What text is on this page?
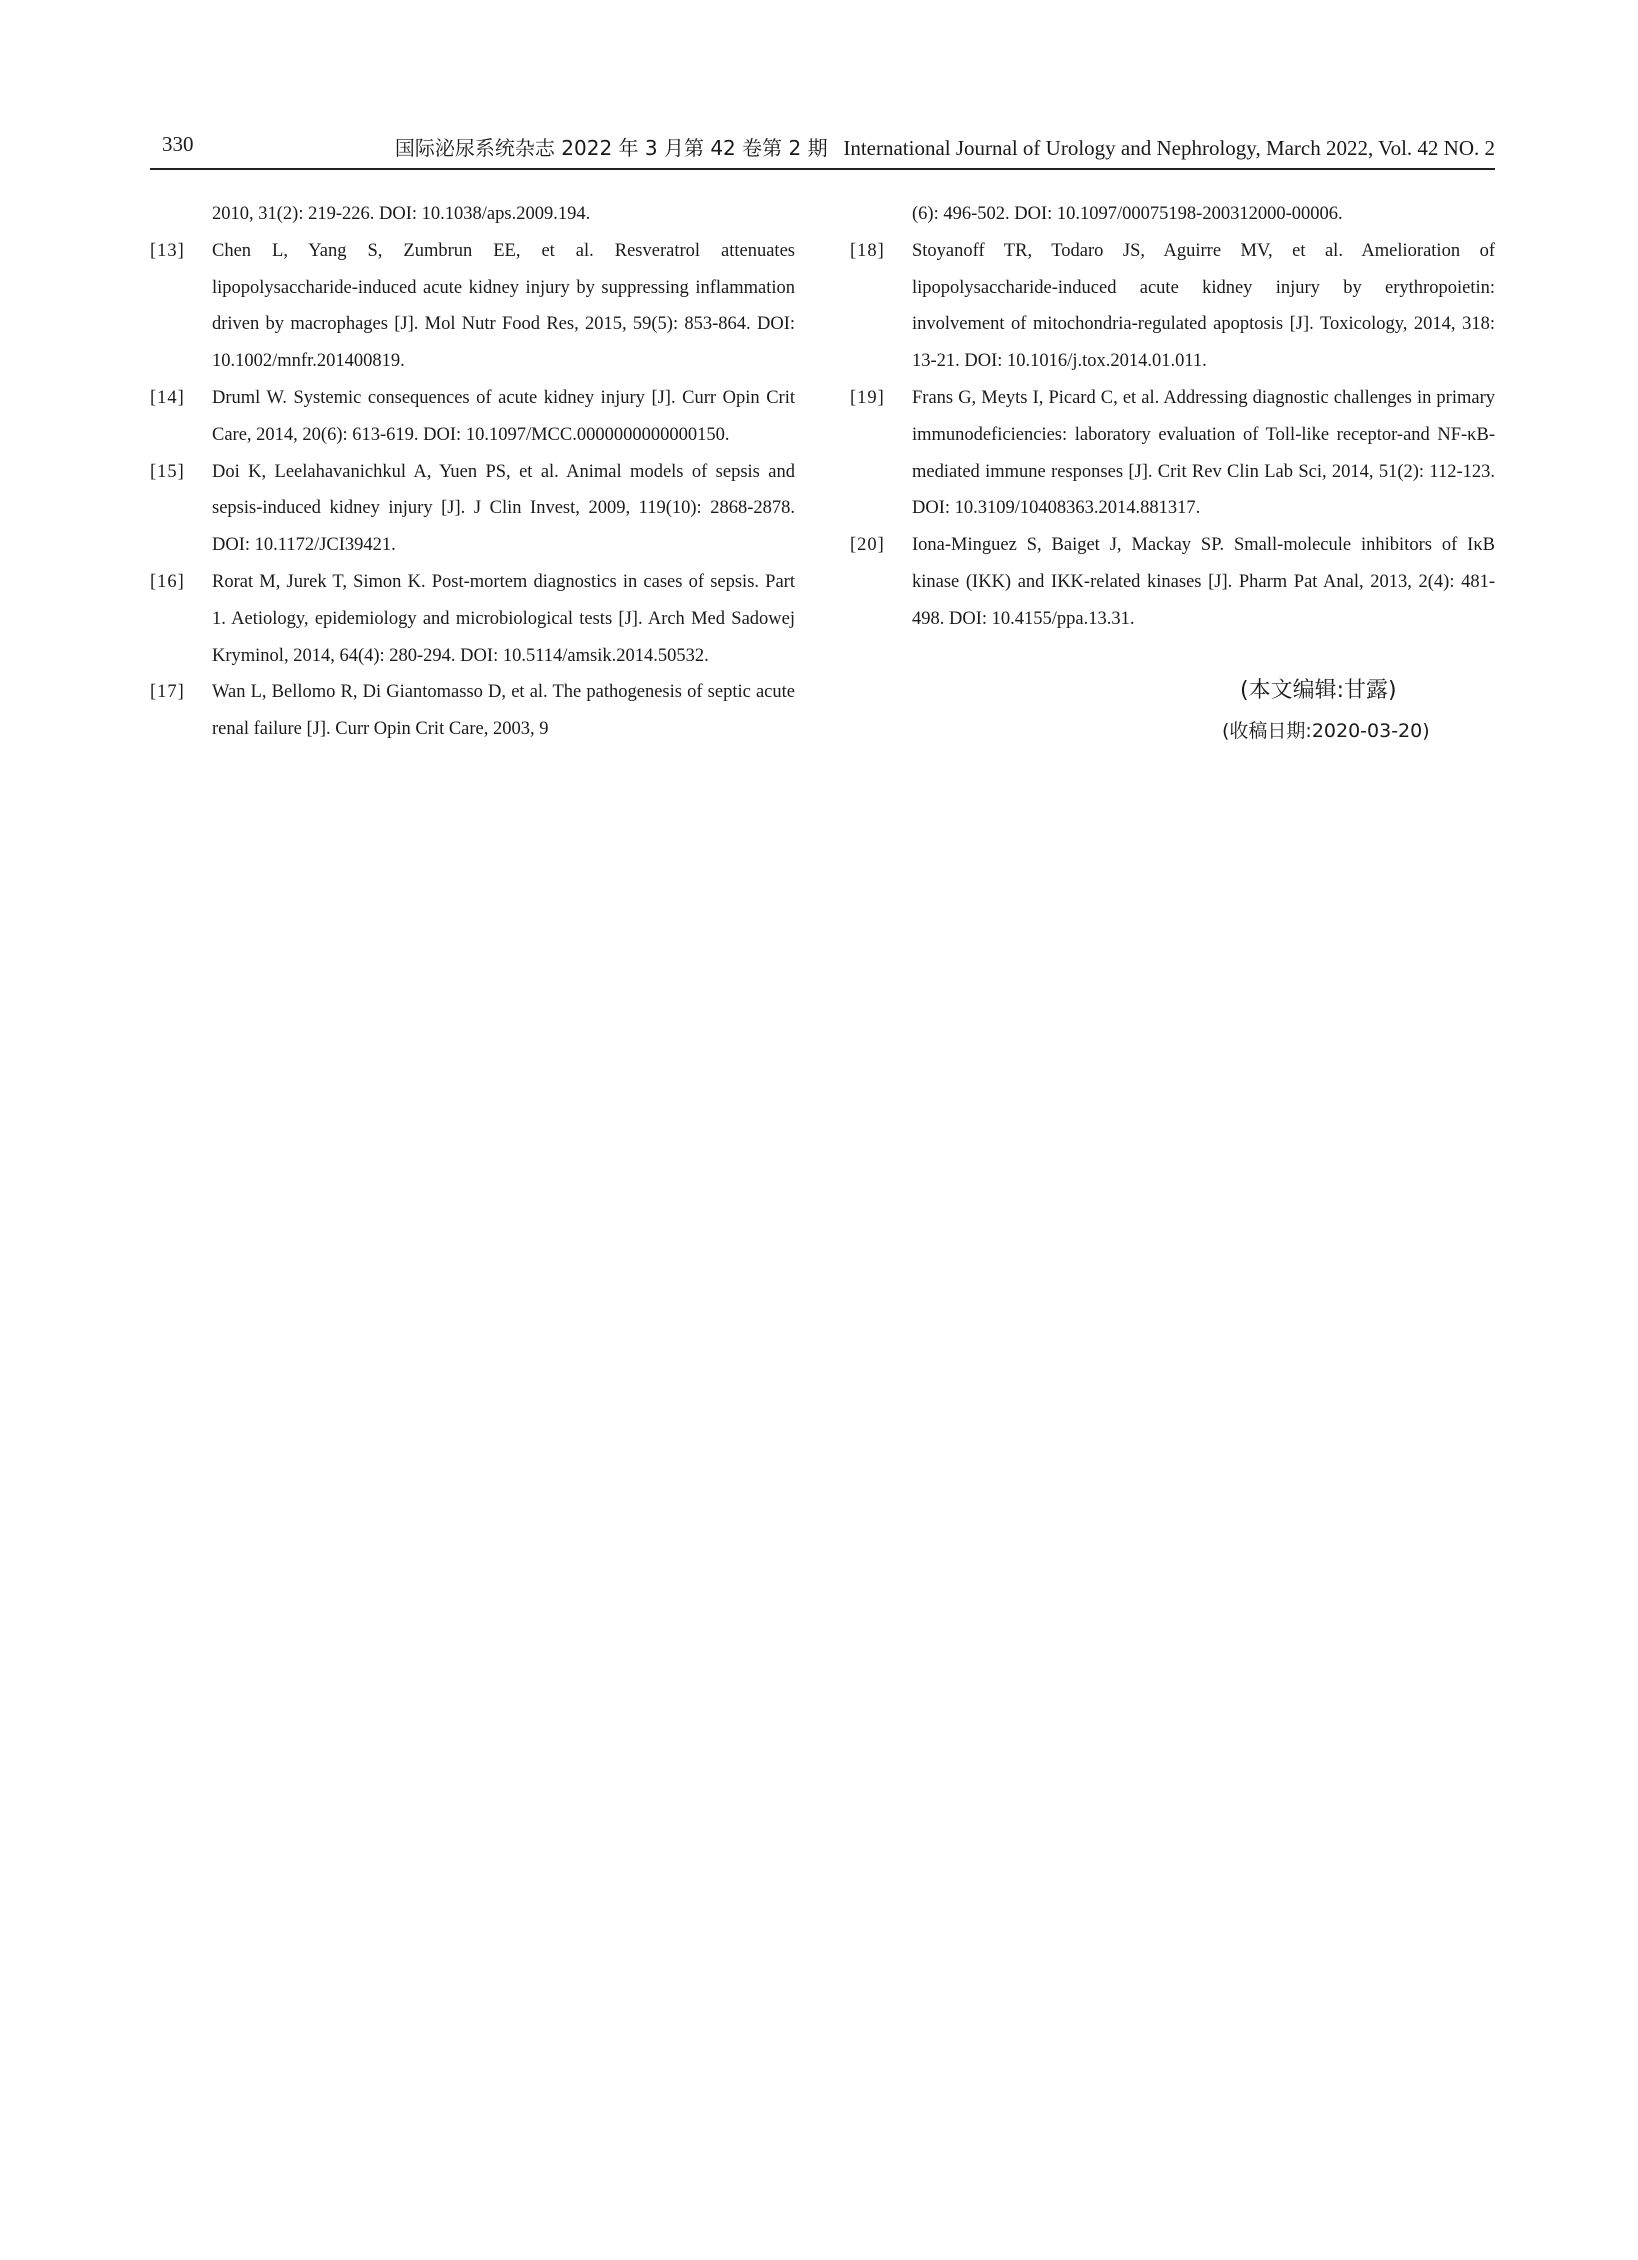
330	国际泌尿系统杂志 2022 年 3 月第 42 卷第 2 期 International Journal of Urology and Nephrology, March 2022, Vol. 42 NO. 2

2010, 31(2): 219-226. DOI: 10.1038/aps.2009.194.

[13] Chen L, Yang S, Zumbrun EE, et al. Resveratrol attenuates lipopolysaccharide-induced acute kidney injury by suppressing inflammation driven by macrophages [J]. Mol Nutr Food Res, 2015, 59(5): 853-864. DOI: 10.1002/mnfr.201400819.
[14] Druml W. Systemic consequences of acute kidney injury [J]. Curr Opin Crit Care, 2014, 20(6): 613-619. DOI: 10.1097/MCC.0000000000000150.
[15] Doi K, Leelahavanichkul A, Yuen PS, et al. Animal models of sepsis and sepsis-induced kidney injury [J]. J Clin Invest, 2009, 119(10): 2868-2878. DOI: 10.1172/JCI39421.
[16] Rorat M, Jurek T, Simon K. Post-mortem diagnostics in cases of sepsis. Part 1. Aetiology, epidemiology and microbiological tests [J]. Arch Med Sadowej Kryminol, 2014, 64(4): 280-294. DOI: 10.5114/amsik.2014.50532.
[17] Wan L, Bellomo R, Di Giantomasso D, et al. The pathogenesis of septic acute renal failure [J]. Curr Opin Crit Care, 2003, 9

(6): 496-502. DOI: 10.1097/00075198-200312000-00006.

[18] Stoyanoff TR, Todaro JS, Aguirre MV, et al. Amelioration of lipopolysaccharide-induced acute kidney injury by erythropoietin: involvement of mitochondria-regulated apoptosis [J]. Toxicology, 2014, 318: 13-21. DOI: 10.1016/j.tox.2014.01.011.
[19] Frans G, Meyts I, Picard C, et al. Addressing diagnostic challenges in primary immunodeficiencies: laboratory evaluation of Toll-like receptor-and NF-κB-mediated immune responses [J]. Crit Rev Clin Lab Sci, 2014, 51(2): 112-123. DOI: 10.3109/10408363.2014.881317.
[20] Iona-Minguez S, Baiget J, Mackay SP. Small-molecule inhibitors of IκB kinase (IKK) and IKK-related kinases [J]. Pharm Pat Anal, 2013, 2(4): 481-498. DOI: 10.4155/ppa.13.31.
(本文编辑:甘露)
(收稿日期:2020-03-20)
